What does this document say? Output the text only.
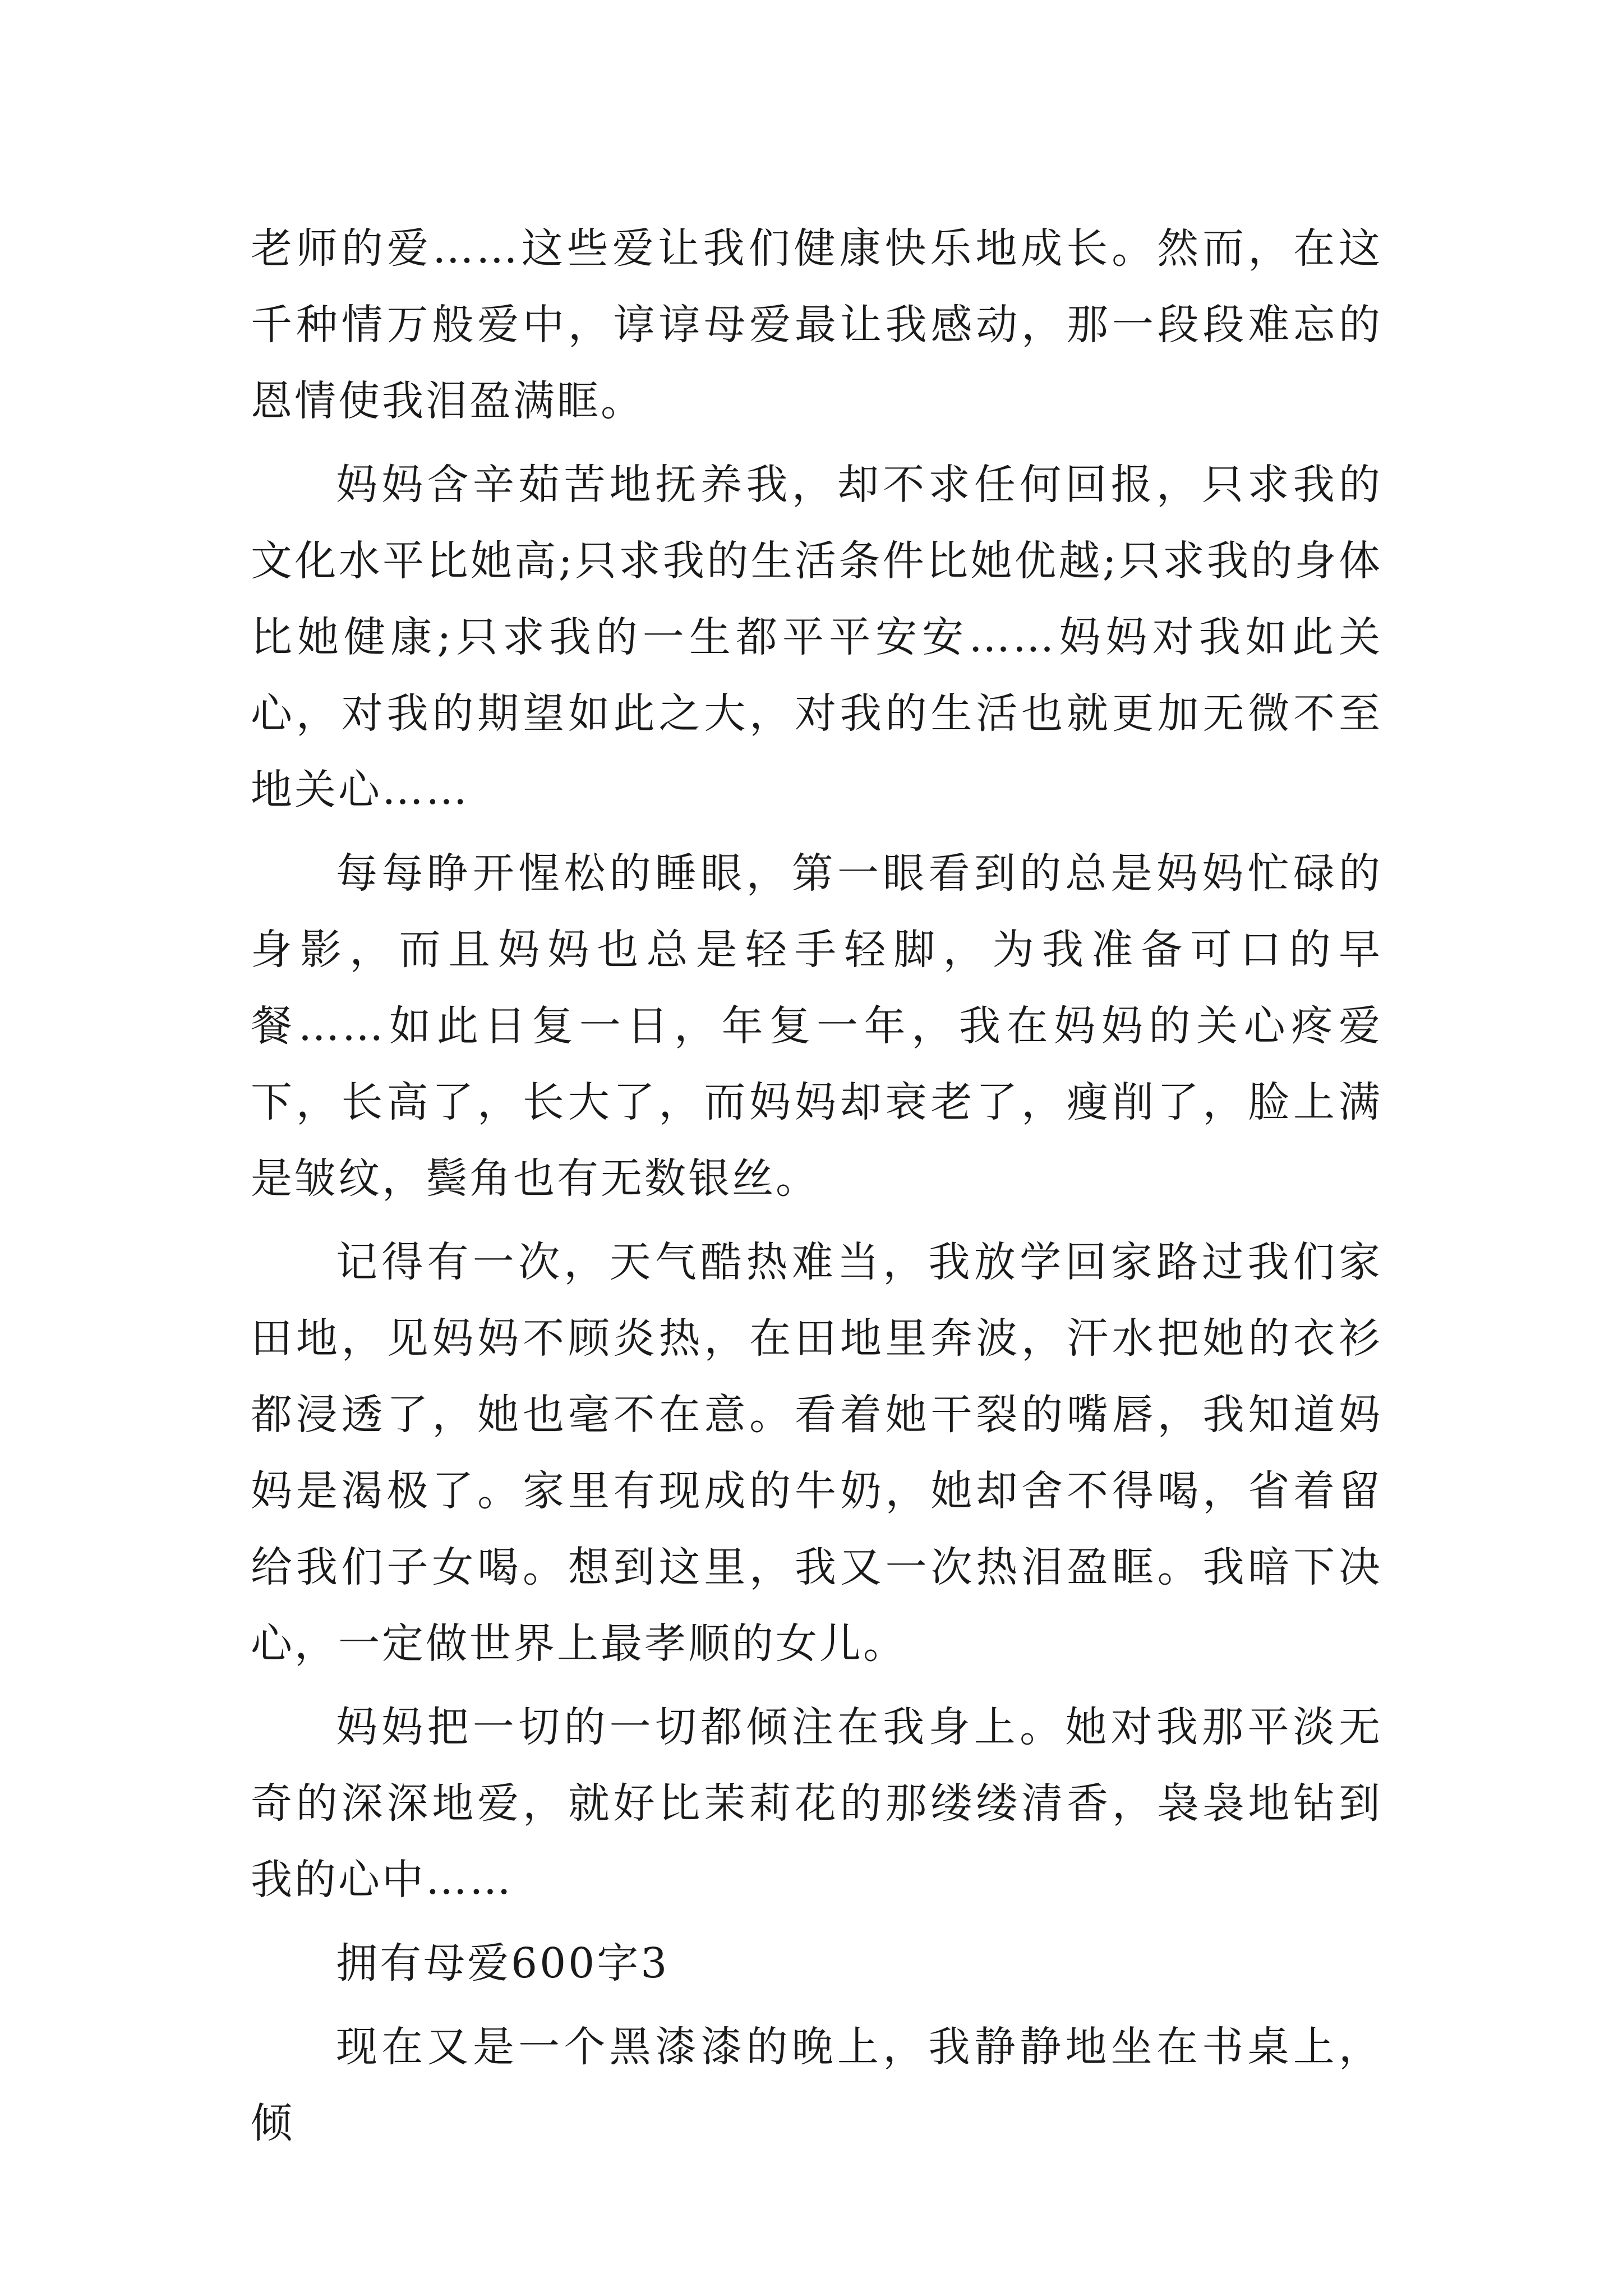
老师的爱……这些爱让我们健康快乐地成长。然而，在这千种情万般爱中，谆谆母爱最让我感动，那一段段难忘的恩情使我泪盈满眶。

妈妈含辛茹苦地抚养我，却不求任何回报，只求我的文化水平比她高;只求我的生活条件比她优越;只求我的身体比她健康;只求我的一生都平平安安……妈妈对我如此关心，对我的期望如此之大，对我的生活也就更加无微不至地关心……

每每睁开惺松的睡眼，第一眼看到的总是妈妈忙碌的身影，而且妈妈也总是轻手轻脚，为我准备可口的早餐……如此日复一日，年复一年，我在妈妈的关心疼爱下，长高了，长大了，而妈妈却衰老了，瘦削了，脸上满是皱纹，鬓角也有无数银丝。

记得有一次，天气酷热难当，我放学回家路过我们家田地，见妈妈不顾炎热，在田地里奔波，汗水把她的衣衫都浸透了，她也毫不在意。看着她干裂的嘴唇，我知道妈妈是渴极了。家里有现成的牛奶，她却舍不得喝，省着留给我们子女喝。想到这里，我又一次热泪盈眶。我暗下决心，一定做世界上最孝顺的女儿。

妈妈把一切的一切都倾注在我身上。她对我那平淡无奇的深深地爱，就好比茉莉花的那缕缕清香，袅袅地钻到我的心中……

拥有母爱600字3

现在又是一个黑漆漆的晚上，我静静地坐在书桌上，倾
